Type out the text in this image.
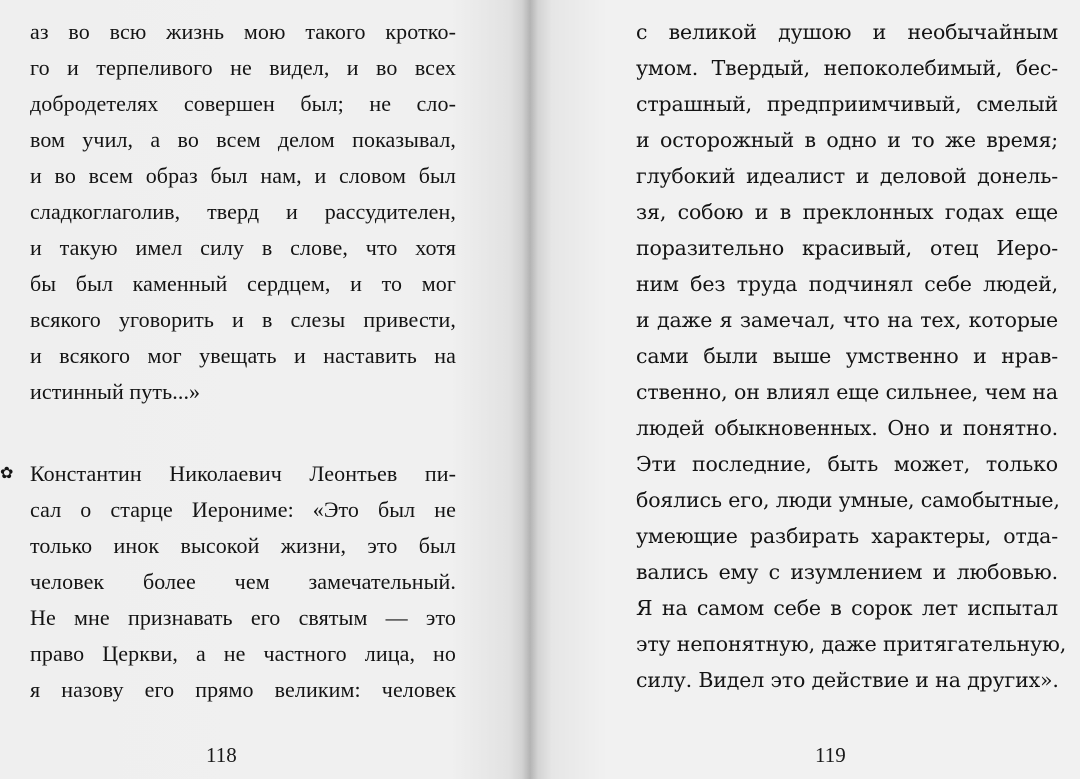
аз во всю жизнь мою такого кротко-
го и терпеливого не видел, и во всех
добродетелях совершен был; не сло-
вом учил, а во всем делом показывал,
и во всем образ был нам, и словом был
сладкоглаголив, тверд и рассудителен,
и такую имел силу в слове, что хотя
бы был каменный сердцем, и то мог
всякого уговорить и в слезы привести,
и всякого мог увещать и наставить на
истинный путь...»
✿ Константин Николаевич Леонтьев пи-
сал о старце Иерониме: «Это был не
только инок высокой жизни, это был
человек более чем замечательный.
Не мне признавать его святым — это
право Церкви, а не частного лица, но
я назову его прямо великим: человек
118	119
с великой душою и необычайным
умом. Твердый, непоколебимый, бес-
страшный, предприимчивый, смелый
и осторожный в одно и то же время;
глубокий идеалист и деловой донель-
зя, собою и в преклонных годах еще
поразительно красивый, отец Иеро-
ним без труда подчинял себе людей,
и даже я замечал, что на тех, которые
сами были выше умственно и нрав-
ственно, он влиял еще сильнее, чем на
людей обыкновенных. Оно и понятно.
Эти последние, быть может, только
боялись его, люди умные, самобытные,
умеющие разбирать характеры, отда-
вались ему с изумлением и любовью.
Я на самом себе в сорок лет испытал
эту непонятную, даже притягательную,
силу. Видел это действие и на других».
